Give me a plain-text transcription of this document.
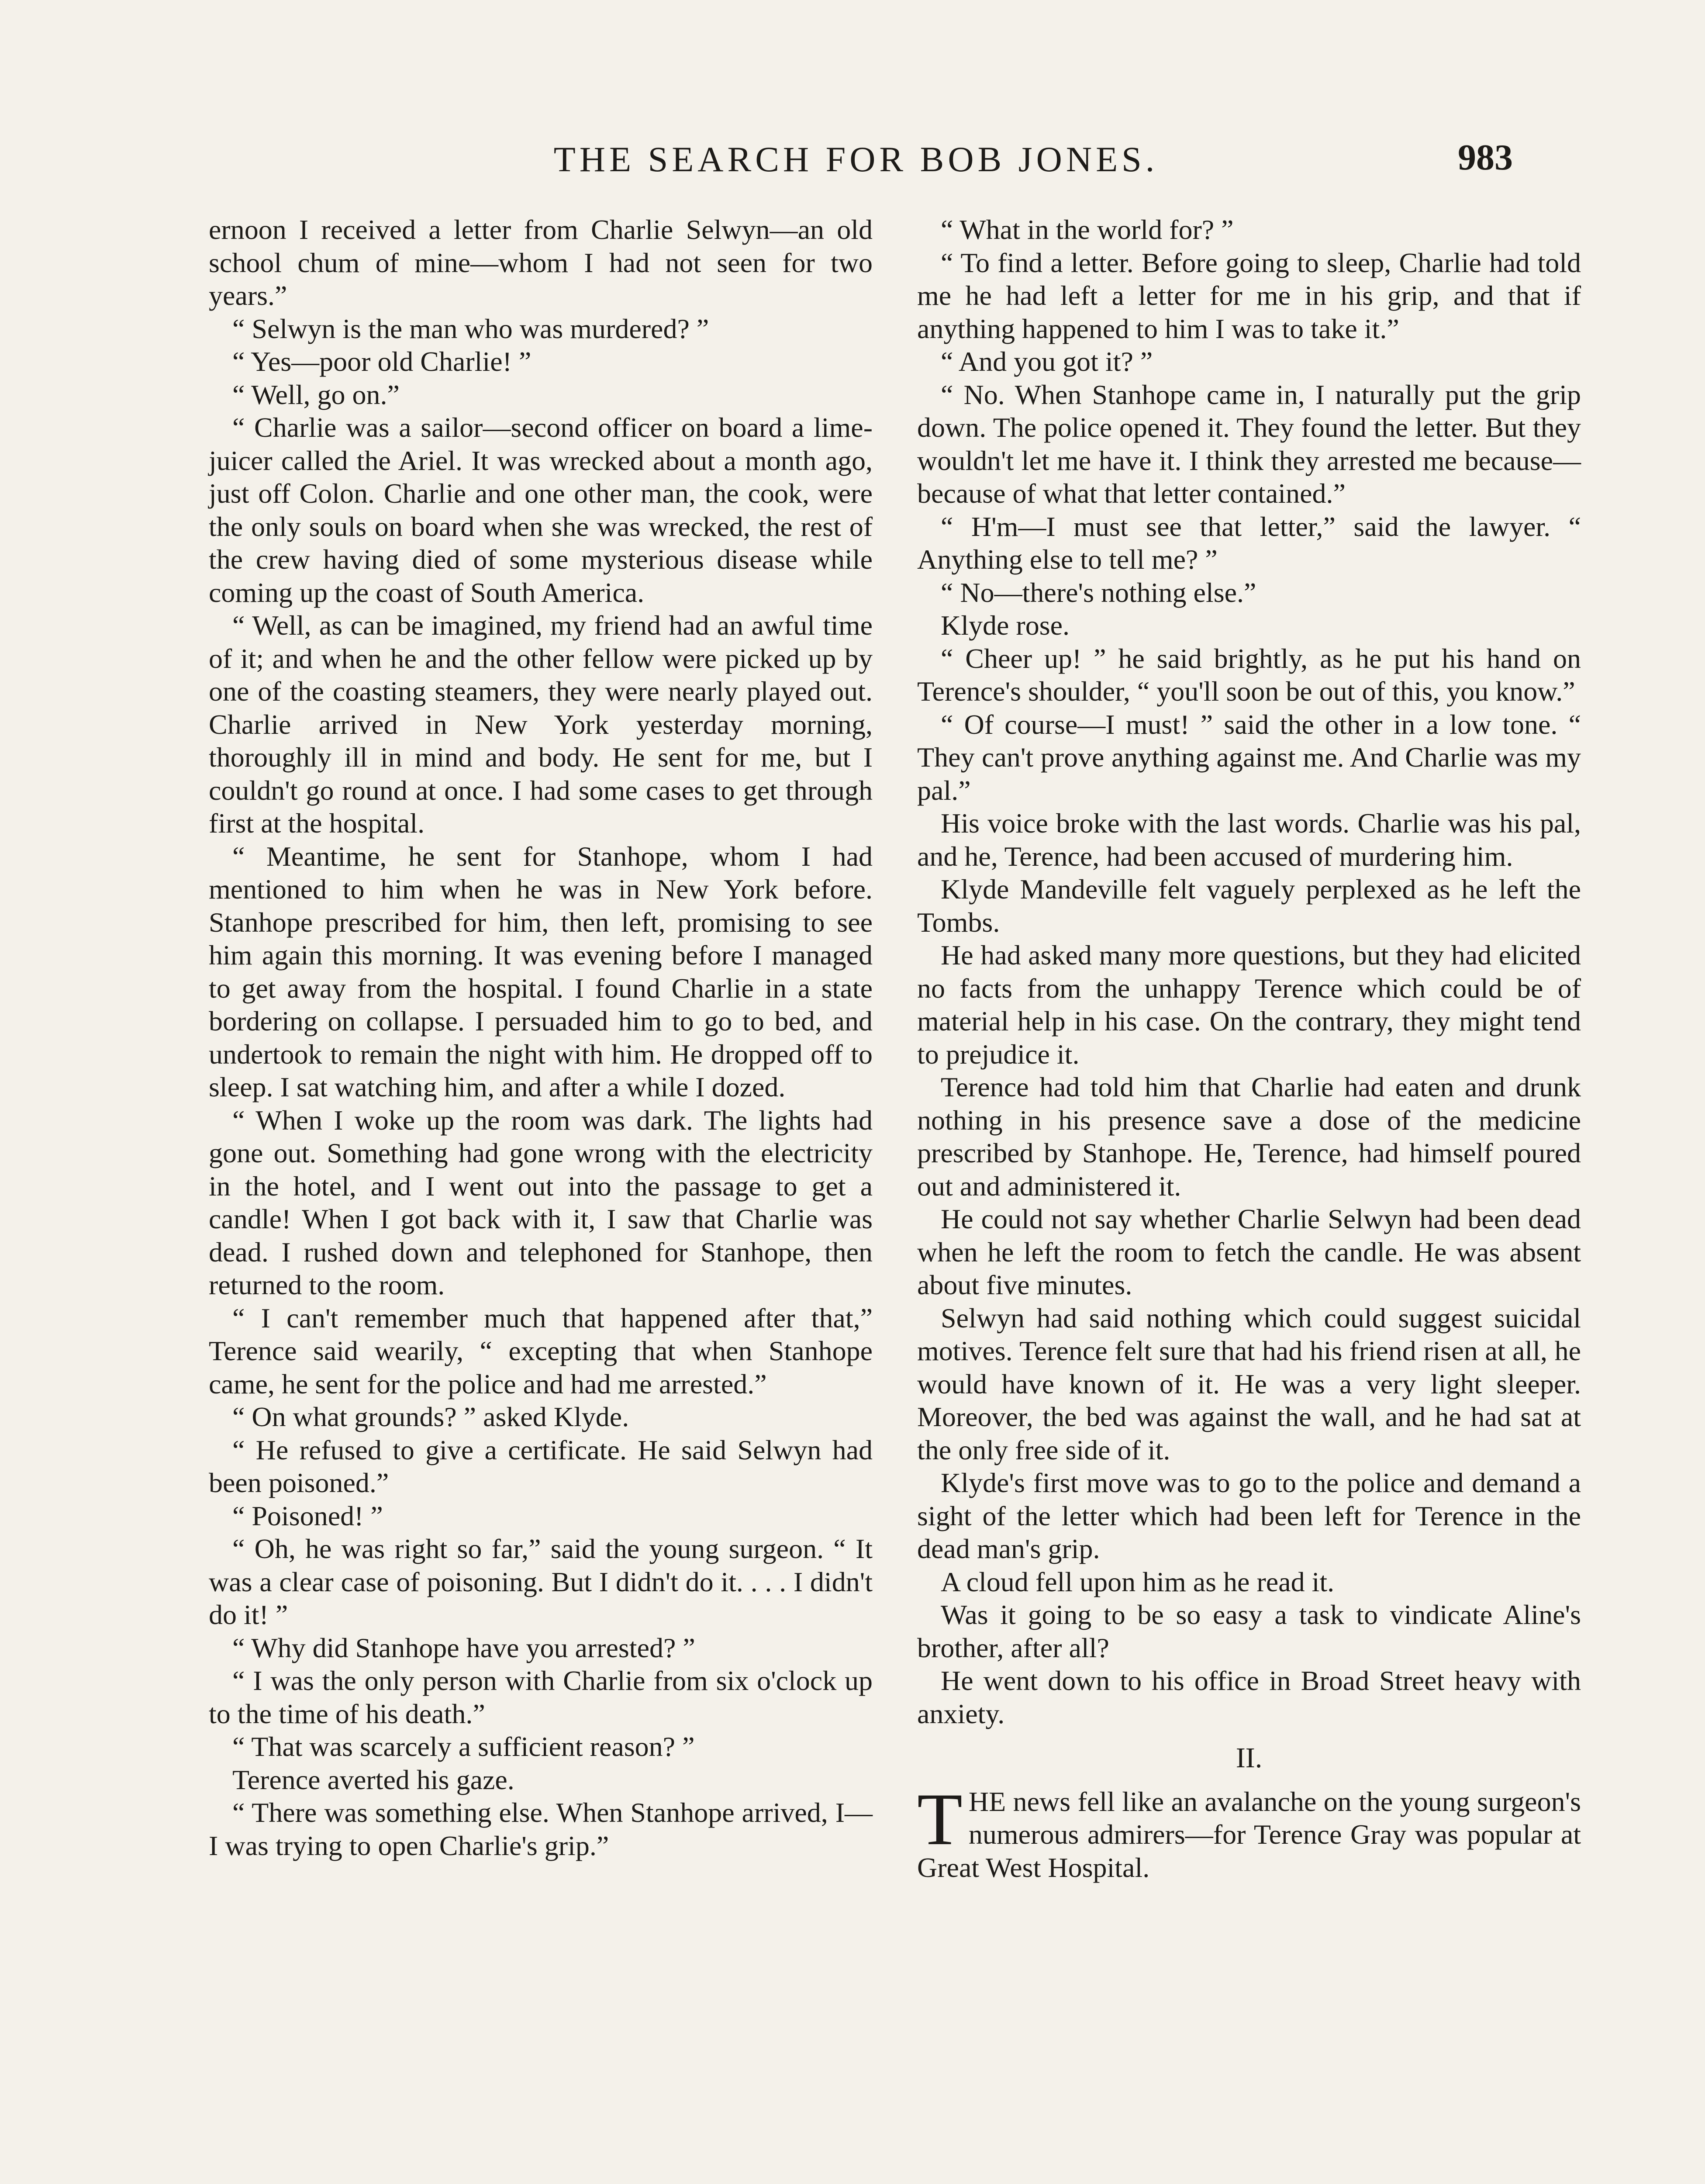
THE SEARCH FOR BOB JONES.	983

ernoon I received a letter from Charlie Selwyn—an old school chum of mine—whom I had not seen for two years.”

“ Selwyn is the man who was murdered? ”

“ Yes—poor old Charlie! ”

“ Well, go on.”

“ Charlie was a sailor—second officer on board a lime-juicer called the Ariel. It was wrecked about a month ago, just off Colon. Charlie and one other man, the cook, were the only souls on board when she was wrecked, the rest of the crew having died of some mysterious disease while coming up the coast of South America.

“ Well, as can be imagined, my friend had an awful time of it; and when he and the other fellow were picked up by one of the coasting steamers, they were nearly played out. Charlie arrived in New York yesterday morning, thoroughly ill in mind and body. He sent for me, but I couldn't go round at once. I had some cases to get through first at the hospital.

“ Meantime, he sent for Stanhope, whom I had mentioned to him when he was in New York before. Stanhope prescribed for him, then left, promising to see him again this morning. It was evening before I managed to get away from the hospital. I found Charlie in a state bordering on collapse. I persuaded him to go to bed, and undertook to remain the night with him. He dropped off to sleep. I sat watching him, and after a while I dozed.

“ When I woke up the room was dark. The lights had gone out. Something had gone wrong with the electricity in the hotel, and I went out into the passage to get a candle! When I got back with it, I saw that Charlie was dead. I rushed down and telephoned for Stanhope, then returned to the room.

“ I can't remember much that happened after that,” Terence said wearily, “ excepting that when Stanhope came, he sent for the police and had me arrested.”

“ On what grounds? ” asked Klyde.

“ He refused to give a certificate. He said Selwyn had been poisoned.”

“ Poisoned! ”

“ Oh, he was right so far,” said the young surgeon. “ It was a clear case of poisoning. But I didn't do it. . . . I didn't do it! ”

“ Why did Stanhope have you arrested? ”

“ I was the only person with Charlie from six o'clock up to the time of his death.”

“ That was scarcely a sufficient reason? ”

Terence averted his gaze.

“ There was something else. When Stanhope arrived, I—I was trying to open Charlie's grip.”

“ What in the world for? ”

“ To find a letter. Before going to sleep, Charlie had told me he had left a letter for me in his grip, and that if anything happened to him I was to take it.”

“ And you got it? ”

“ No. When Stanhope came in, I naturally put the grip down. The police opened it. They found the letter. But they wouldn't let me have it. I think they arrested me because—because of what that letter contained.”

“ H'm—I must see that letter,” said the lawyer. “ Anything else to tell me? ”

“ No—there's nothing else.”

Klyde rose.

“ Cheer up! ” he said brightly, as he put his hand on Terence's shoulder, “ you'll soon be out of this, you know.”

“ Of course—I must! ” said the other in a low tone. “ They can't prove anything against me. And Charlie was my pal.”

His voice broke with the last words. Charlie was his pal, and he, Terence, had been accused of murdering him.

Klyde Mandeville felt vaguely perplexed as he left the Tombs.

He had asked many more questions, but they had elicited no facts from the unhappy Terence which could be of material help in his case. On the contrary, they might tend to prejudice it.

Terence had told him that Charlie had eaten and drunk nothing in his presence save a dose of the medicine prescribed by Stanhope. He, Terence, had himself poured out and administered it.

He could not say whether Charlie Selwyn had been dead when he left the room to fetch the candle. He was absent about five minutes.

Selwyn had said nothing which could suggest suicidal motives. Terence felt sure that had his friend risen at all, he would have known of it. He was a very light sleeper. Moreover, the bed was against the wall, and he had sat at the only free side of it.

Klyde's first move was to go to the police and demand a sight of the letter which had been left for Terence in the dead man's grip.

A cloud fell upon him as he read it.

Was it going to be so easy a task to vindicate Aline's brother, after all?

He went down to his office in Broad Street heavy with anxiety.

II.

THE news fell like an avalanche on the young surgeon's numerous admirers—for Terence Gray was popular at Great West Hospital.
